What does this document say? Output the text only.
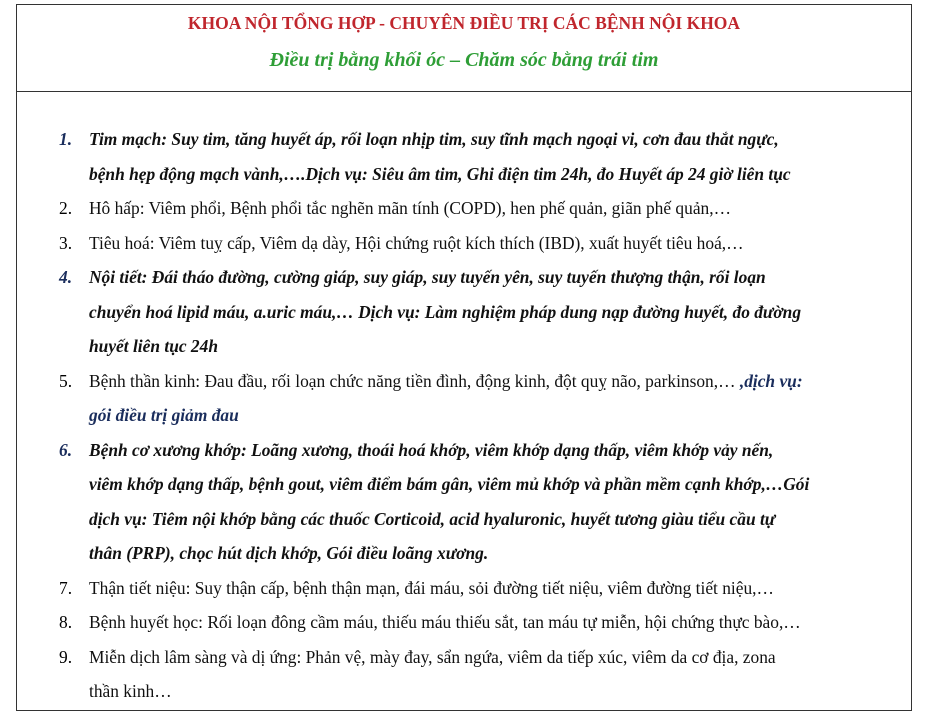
KHOA NỘI TỔNG HỢP - CHUYÊN ĐIỀU TRỊ CÁC BỆNH NỘI KHOA
Điều trị bằng khối óc – Chăm sóc bằng trái tim
1. Tim mạch: Suy tim, tăng huyết áp, rối loạn nhịp tim, suy tĩnh mạch ngoại vi, cơn đau thắt ngực,
bệnh hẹp động mạch vành,….Dịch vụ: Siêu âm tim, Ghi điện tim 24h, đo Huyết áp 24 giờ liên tục
2. Hô hấp: Viêm phổi, Bệnh phổi tắc nghẽn mãn tính (COPD), hen phế quản, giãn phế quản,…
3. Tiêu hoá: Viêm tuỵ cấp, Viêm dạ dày, Hội chứng ruột kích thích (IBD), xuất huyết tiêu hoá,…
4. Nội tiết: Đái tháo đường, cường giáp, suy giáp, suy tuyến yên, suy tuyến thượng thận, rối loạn
chuyển hoá lipid máu, a.uric máu,… Dịch vụ: Làm nghiệm pháp dung nạp đường huyết, đo đường
huyết liên tục 24h
5. Bệnh thần kinh: Đau đầu, rối loạn chức năng tiền đình, động kinh, đột quỵ não, parkinson,… ,dịch vụ:
gói điều trị giảm đau
6. Bệnh cơ xương khớp: Loãng xương, thoái hoá khớp, viêm khớp dạng thấp, viêm khớp vảy nến,
viêm khớp dạng thấp, bệnh gout, viêm điểm bám gân, viêm mủ khớp và phần mềm cạnh khớp,…Gói
dịch vụ: Tiêm nội khớp bằng các thuốc Corticoid, acid hyaluronic, huyết tương giàu tiểu cầu tự
thân (PRP), chọc hút dịch khớp, Gói điều loãng xương.
7. Thận tiết niệu: Suy thận cấp, bệnh thận mạn, đái máu, sỏi đường tiết niệu, viêm đường tiết niệu,…
8. Bệnh huyết học: Rối loạn đông cầm máu, thiếu máu thiếu sắt, tan máu tự miễn, hội chứng thực bào,…
9. Miễn dịch lâm sàng và dị ứng: Phản vệ, mày đay, sẩn ngứa, viêm da tiếp xúc, viêm da cơ địa, zona
thần kinh…
